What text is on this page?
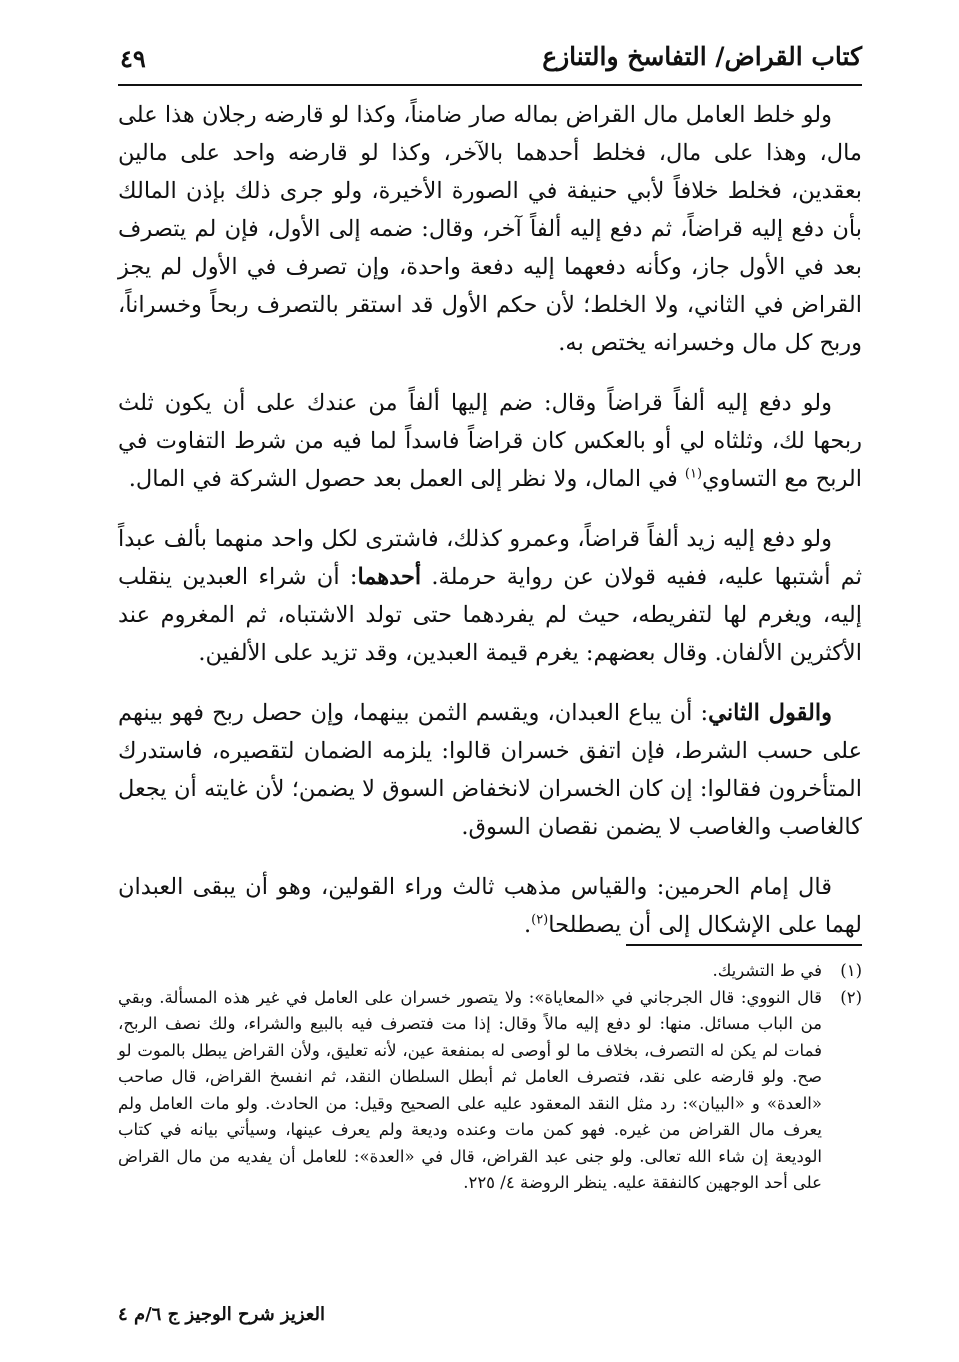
كتاب القراض/ التفاسخ والتنازع
٤٩

ولو خلط العامل مال القراض بماله صار ضامناً، وكذا لو قارضه رجلان هذا على مال، وهذا على مال، فخلط أحدهما بالآخر، وكذا لو قارضه واحد على مالين بعقدين، فخلط خلافاً لأبي حنيفة في الصورة الأخيرة، ولو جرى ذلك بإذن المالك بأن دفع إليه قراضاً، ثم دفع إليه ألفاً آخر، وقال: ضمه إلى الأول، فإن لم يتصرف بعد في الأول جاز، وكأنه دفعهما إليه دفعة واحدة، وإن تصرف في الأول لم يجز القراض في الثاني، ولا الخلط؛ لأن حكم الأول قد استقر بالتصرف ربحاً وخسراناً، وربح كل مال وخسرانه يختص به.

ولو دفع إليه ألفاً قراضاً وقال: ضم إليها ألفاً من عندك على أن يكون ثلث ربحها لك، وثلثاه لي أو بالعكس كان قراضاً فاسداً لما فيه من شرط التفاوت في الربح مع التساوي$^{(١)}$ في المال، ولا نظر إلى العمل بعد حصول الشركة في المال.

ولو دفع إليه زيد ألفاً قراضاً، وعمرو كذلك، فاشترى لكل واحد منهما بألف عبداً ثم أشتبها عليه، ففيه قولان عن رواية حرملة. أحدهما: أن شراء العبدين ينقلب إليه، ويغرم لها لتفريطه، حيث لم يفردهما حتى تولد الاشتباه، ثم المغروم عند الأكثرين الألفان. وقال بعضهم: يغرم قيمة العبدين، وقد تزيد على الألفين.

والقول الثاني: أن يباع العبدان، ويقسم الثمن بينهما، وإن حصل ربح فهو بينهم على حسب الشرط، فإن اتفق خسران قالوا: يلزمه الضمان لتقصيره، فاستدرك المتأخرون فقالوا: إن كان الخسران لانخفاض السوق لا يضمن؛ لأن غايته أن يجعل كالغاصب والغاصب لا يضمن نقصان السوق.

قال إمام الحرمين: والقياس مذهب ثالث وراء القولين، وهو أن يبقى العبدان لهما على الإشكال إلى أن يصطلحا$^{(٢)}$.

(١)
في ط التشريك.
(٢)
قال النووي: قال الجرجاني في «المعاياة»: ولا يتصور خسران على العامل في غير هذه المسألة. وبقي من الباب مسائل. منها: لو دفع إليه مالاً وقال: إذا مت فتصرف فيه بالبيع والشراء، ولك نصف الربح، فمات لم يكن له التصرف، بخلاف ما لو أوصى له بمنفعة عين، لأنه تعليق، ولأن القراض يبطل بالموت لو صح. ولو قارضه على نقد، فتصرف العامل ثم أبطل السلطان النقد، ثم انفسخ القراض، قال صاحب «العدة» و «البيان»: رد مثل النقد المعقود عليه على الصحيح وقيل: من الحادث. ولو مات العامل ولم يعرف مال القراض من غيره. فهو كمن مات وعنده وديعة ولم يعرف عينها، وسيأتي بيانه في كتاب الوديعة إن شاء الله تعالى. ولو جنى عبد القراض، قال في «العدة»: للعامل أن يفديه من مال القراض على أحد الوجهين كالنفقة عليه. ينظر الروضة ٤/ ٢٢٥.
العزيز شرح الوجيز ج ٦/م ٤
